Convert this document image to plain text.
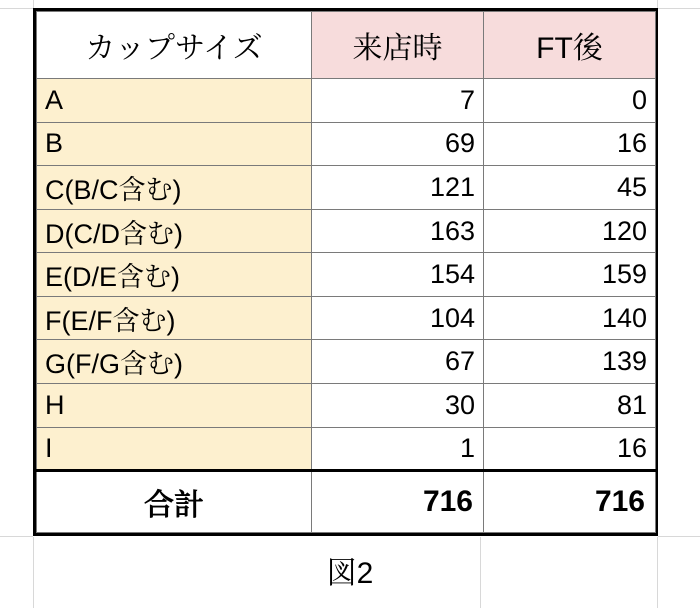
カップサイズ	来店時	FT後
A	7	0
B	69	16
C(B/C含む)	121	45
D(C/D含む)	163	120
E(D/E含む)	154	159
F(E/F含む)	104	140
G(F/G含む)	67	139
H	30	81
I	1	16
合計	716	716
図2
